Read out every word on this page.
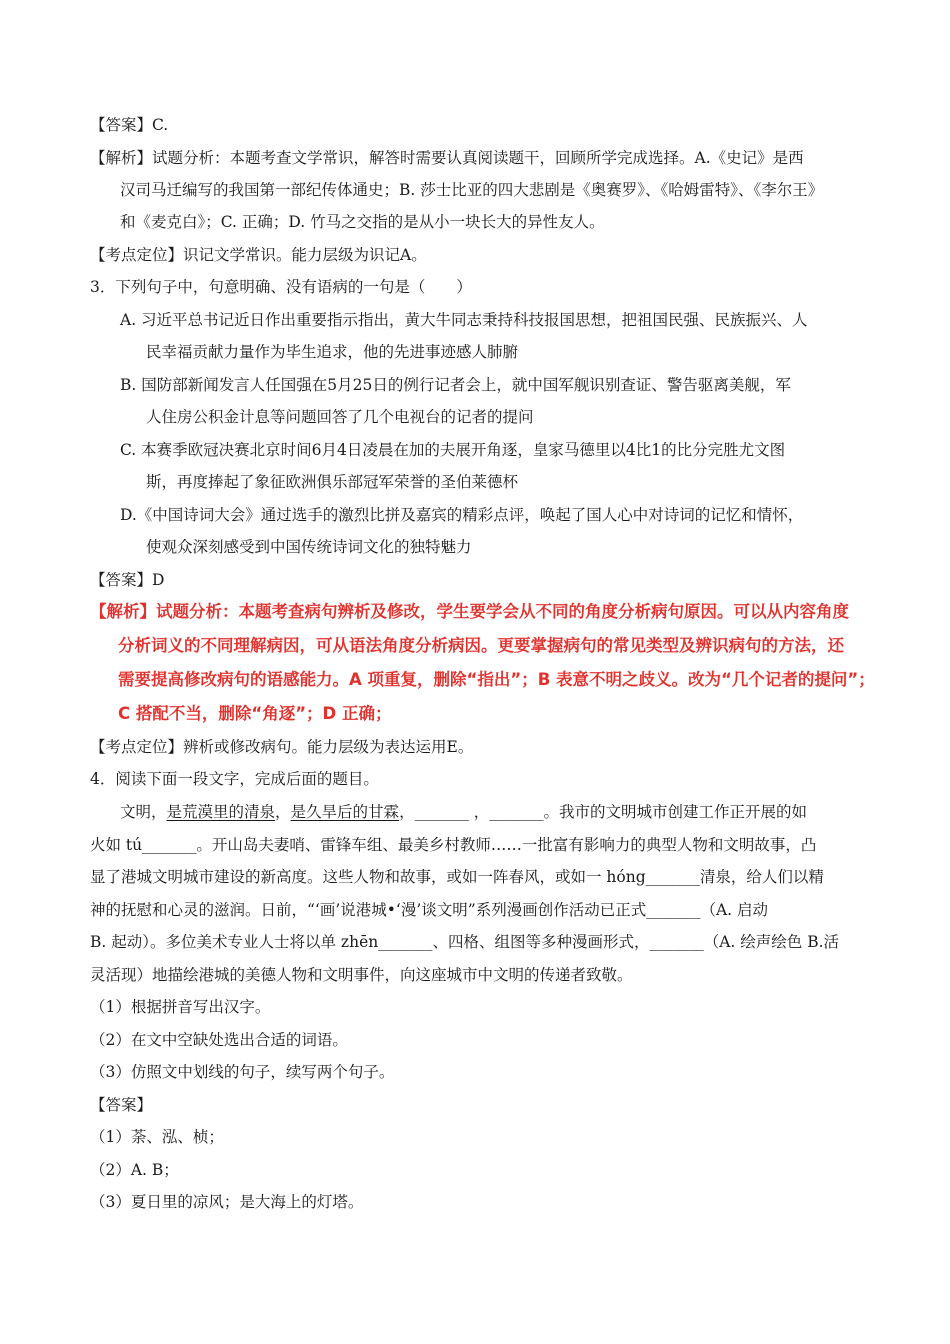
【答案】C.
【解析】试题分析：本题考查文学常识，解答时需要认真阅读题干，回顾所学完成选择。A.《史记》是西
汉司马迁编写的我国第一部纪传体通史；B. 莎士比亚的四大悲剧是《奥赛罗》、《哈姆雷特》、《李尔王》
和《麦克白》；C. 正确；D. 竹马之交指的是从小一块长大的异性友人。
【考点定位】识记文学常识。能力层级为识记A。
3．下列句子中，句意明确、没有语病的一句是（　　）
A. 习近平总书记近日作出重要指示指出，黄大牛同志秉持科技报国思想，把祖国民强、民族振兴、人
民幸福贡献力量作为毕生追求，他的先进事迹感人肺腑
B. 国防部新闻发言人任国强在5月25日的例行记者会上，就中国军舰识别查证、警告驱离美舰，军
人住房公积金计息等问题回答了几个电视台的记者的提问
C. 本赛季欧冠决赛北京时间6月4日凌晨在加的夫展开角逐，皇家马德里以4比1的比分完胜尤文图
斯，再度捧起了象征欧洲俱乐部冠军荣誉的圣伯莱德杯
D.《中国诗词大会》通过选手的激烈比拼及嘉宾的精彩点评，唤起了国人心中对诗词的记忆和情怀，
使观众深刻感受到中国传统诗词文化的独特魅力
【答案】D
【解析】试题分析：本题考查病句辨析及修改，学生要学会从不同的角度分析病句原因。可以从内容角度
分析词义的不同理解病因，可从语法角度分析病因。更要掌握病句的常见类型及辨识病句的方法，还
需要提高修改病句的语感能力。A 项重复，删除“指出”；B 表意不明之歧义。改为“几个记者的提问”；
C 搭配不当，删除“角逐”；D 正确；
【考点定位】辨析或修改病句。能力层级为表达运用E。
4．阅读下面一段文字，完成后面的题目。
文明，是荒漠里的清泉，是久旱后的甘霖，_______ ，_______。我市的文明城市创建工作正开展的如
火如 tú_______。开山岛夫妻哨、雷锋车组、最美乡村教师……一批富有影响力的典型人物和文明故事，凸
显了港城文明城市建设的新高度。这些人物和故事，或如一阵春风，或如一 hóng_______清泉，给人们以精
神的抚慰和心灵的滋润。日前，“‘画’说港城•‘漫’谈文明”系列漫画创作活动已正式_______（A. 启动
B. 起动）。多位美术专业人士将以单 zhēn_______、四格、组图等多种漫画形式，_______（A. 绘声绘色 B.活
灵活现）地描绘港城的美德人物和文明事件，向这座城市中文明的传递者致敬。
（1）根据拼音写出汉字。
（2）在文中空缺处选出合适的词语。
（3）仿照文中划线的句子，续写两个句子。
【答案】
（1）荼、泓、桢；
（2）A. B；
（3）夏日里的凉风；是大海上的灯塔。
